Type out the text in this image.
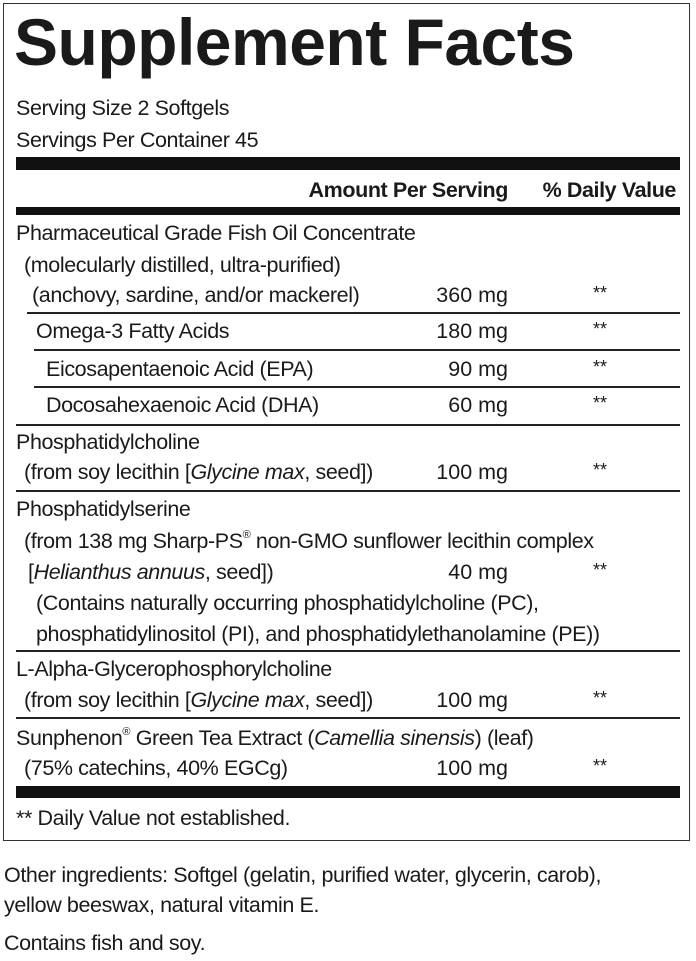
Supplement Facts
Serving Size 2 Softgels
Servings Per Container 45
Amount Per Serving % Daily Value
Pharmaceutical Grade Fish Oil Concentrate
(molecularly distilled, ultra-purified)
(anchovy, sardine, and/or mackerel)	360 mg	**
Omega-3 Fatty Acids	180 mg	**
Eicosapentaenoic Acid (EPA)	90 mg	**
Docosahexaenoic Acid (DHA)	60 mg	**
Phosphatidylcholine
(from soy lecithin [Glycine max, seed])	100 mg	**
Phosphatidylserine
(from 138 mg Sharp-PS® non-GMO sunflower lecithin complex
[Helianthus annuus, seed])	40 mg	**
(Contains naturally occurring phosphatidylcholine (PC),
phosphatidylinositol (PI), and phosphatidylethanolamine (PE))
L-Alpha-Glycerophosphorylcholine
(from soy lecithin [Glycine max, seed])	100 mg	**
Sunphenon® Green Tea Extract (Camellia sinensis) (leaf)
(75% catechins, 40% EGCg)	100 mg	**
** Daily Value not established.
Other ingredients: Softgel (gelatin, purified water, glycerin, carob),
yellow beeswax, natural vitamin E.
Contains fish and soy.
